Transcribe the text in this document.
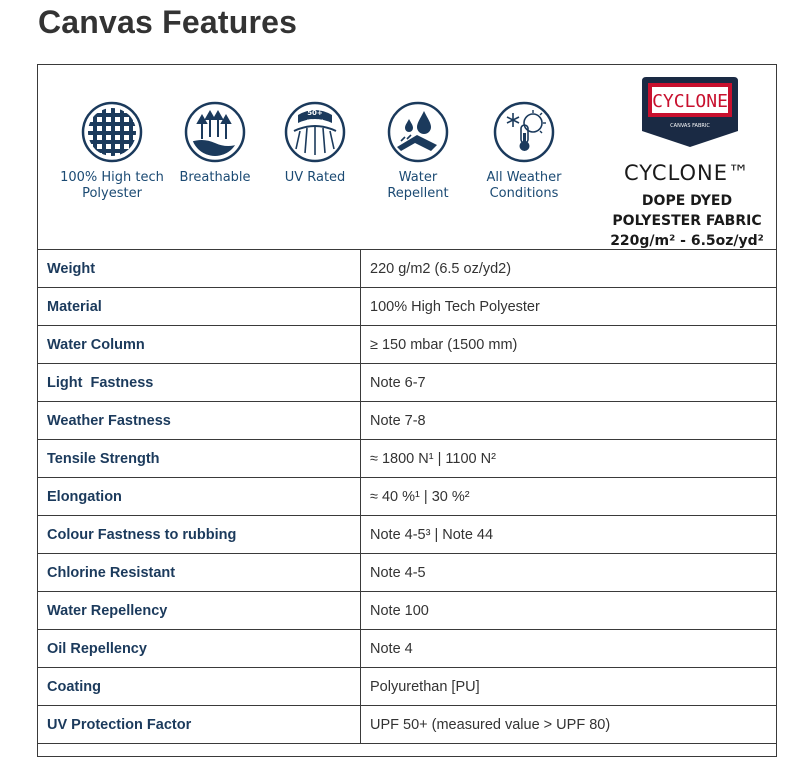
Canvas Features
100% High tech
Polyester
Breathable
50+
UPF tested
UV Rated	Water
Repellent
All Weather
Conditions
CYCLONE
CANVAS FABRIC
CYCLONE™
DOPE DYED
POLYESTER FABRIC
220g/m² - 6.5oz/yd²
Weight	220 g/m2 (6.5 oz/yd2)
Material	100% High Tech Polyester
Water Column	≥ 150 mbar (1500 mm)
Light  Fastness	Note 6-7
Weather Fastness	Note 7-8
Tensile Strength	≈ 1800 N¹ | 1100 N²
Elongation	≈ 40 %¹ | 30 %²
Colour Fastness to rubbing	Note 4-5³ | Note 44
Chlorine Resistant	Note 4-5
Water Repellency	Note 100
Oil Repellency	Note 4
Coating	Polyurethan [PU]
UV Protection Factor	UPF 50+ (measured value > UPF 80)
